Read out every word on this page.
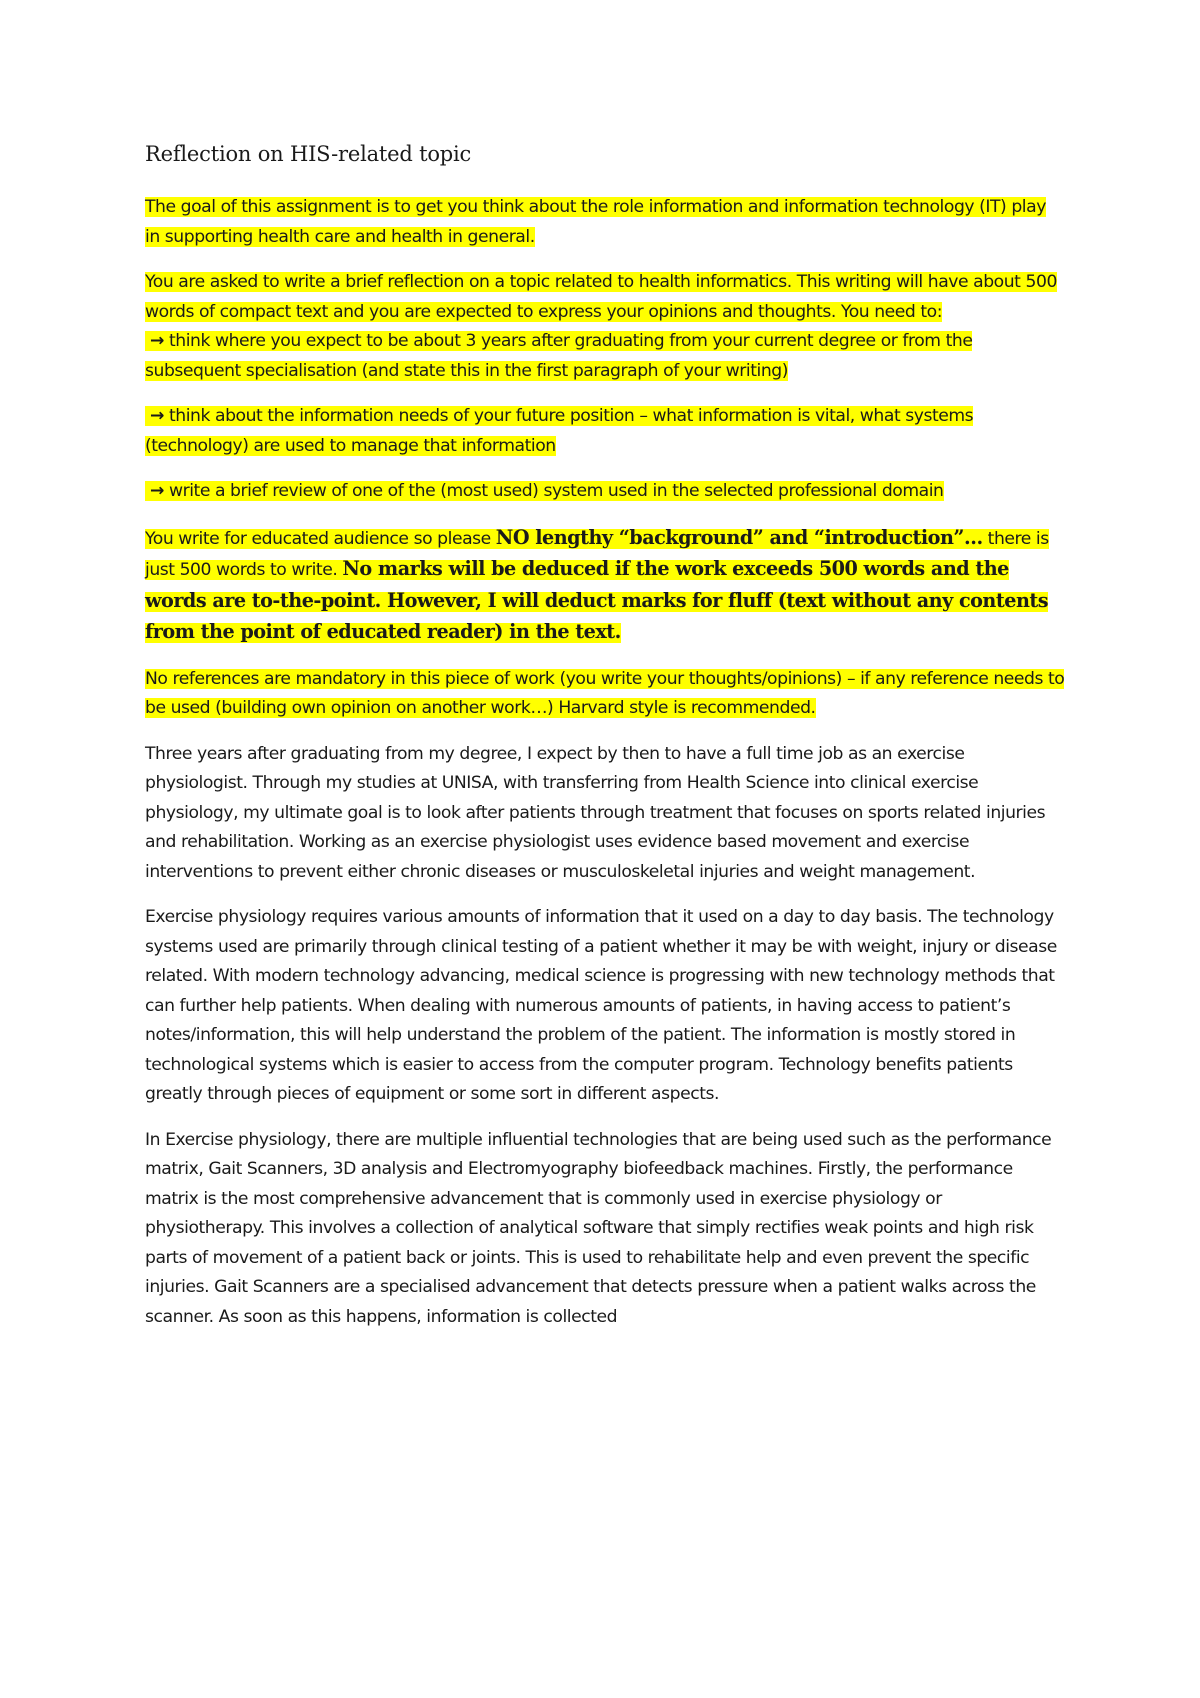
Reflection on HIS-related topic

The goal of this assignment is to get you think about the role information and information technology (IT) play in supporting health care and health in general.

You are asked to write a brief reflection on a topic related to health informatics. This writing will have about 500 words of compact text and you are expected to express your opinions and thoughts. You need to:

→ think where you expect to be about 3 years after graduating from your current degree or from the subsequent specialisation (and state this in the first paragraph of your writing)

→ think about the information needs of your future position – what information is vital, what systems (technology) are used to manage that information

→ write a brief review of one of the (most used) system used in the selected professional domain

You write for educated audience so please NO lengthy “background” and “introduction”… there is just 500 words to write. No marks will be deduced if the work exceeds 500 words and the words are to-the-point. However, I will deduct marks for fluff (text without any contents from the point of educated reader) in the text.

No references are mandatory in this piece of work (you write your thoughts/opinions) – if any reference needs to be used (building own opinion on another work…) Harvard style is recommended.

Three years after graduating from my degree, I expect by then to have a full time job as an exercise physiologist. Through my studies at UNISA, with transferring from Health Science into clinical exercise physiology, my ultimate goal is to look after patients through treatment that focuses on sports related injuries and rehabilitation. Working as an exercise physiologist uses evidence based movement and exercise interventions to prevent either chronic diseases or musculoskeletal injuries and weight management.

Exercise physiology requires various amounts of information that it used on a day to day basis. The technology systems used are primarily through clinical testing of a patient whether it may be with weight, injury or disease related. With modern technology advancing, medical science is progressing with new technology methods that can further help patients. When dealing with numerous amounts of patients, in having access to patient’s notes/information, this will help understand the problem of the patient. The information is mostly stored in technological systems which is easier to access from the computer program. Technology benefits patients greatly through pieces of equipment or some sort in different aspects.

In Exercise physiology, there are multiple influential technologies that are being used such as the performance matrix, Gait Scanners, 3D analysis and Electromyography biofeedback machines. Firstly, the performance matrix is the most comprehensive advancement that is commonly used in exercise physiology or physiotherapy. This involves a collection of analytical software that simply rectifies weak points and high risk parts of movement of a patient back or joints. This is used to rehabilitate help and even prevent the specific injuries. Gait Scanners are a specialised advancement that detects pressure when a patient walks across the scanner. As soon as this happens, information is collected
